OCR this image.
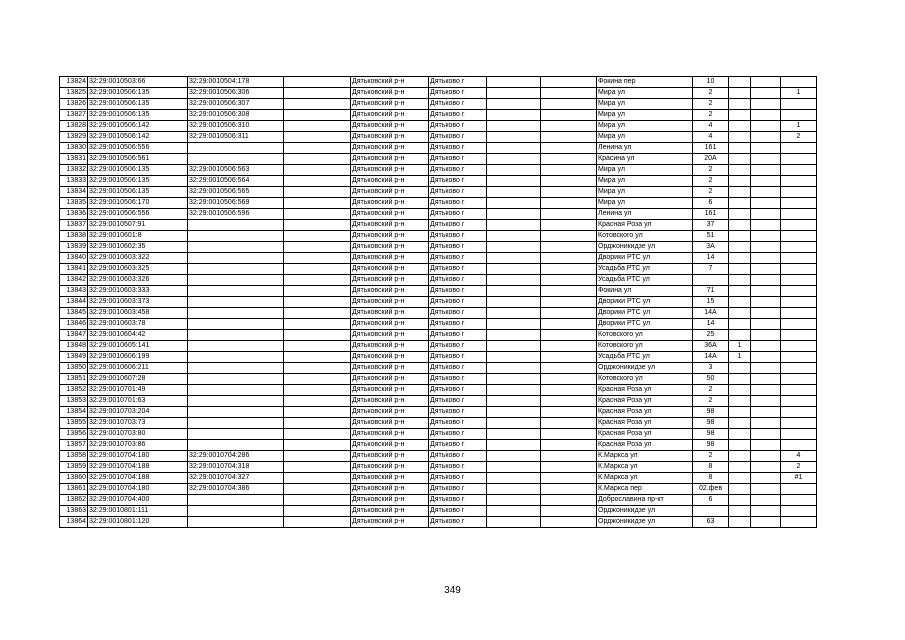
13824	32:29:0010503:66	32:29:0010504:178		Дятьковский р-н	Дятьково г			Фокина пер	10			
13825	32:29:0010506:135	32:29:0010506:306		Дятьковский р-н	Дятьково г			Мира ул	2			1
13826	32:29:0010506:135	32:29:0010506:307		Дятьковский р-н	Дятьково г			Мира ул	2			
13827	32:29:0010506:135	32:29:0010506:308		Дятьковский р-н	Дятьково г			Мира ул	2			
13828	32:29:0010506:142	32:29:0010506:310		Дятьковский р-н	Дятьково г			Мира ул	4			1
13829	32:29:0010506:142	32:29:0010506:311		Дятьковский р-н	Дятьково г			Мира ул	4			2
13830	32:29:0010506:556			Дятьковский р-н	Дятьково г			Ленина ул	161			
13831	32:29:0010506:561			Дятьковский р-н	Дятьково г			Красина ул	20А			
13832	32:29:0010506:135	32:29:0010506:563		Дятьковский р-н	Дятьково г			Мира ул	2			
13833	32:29:0010506:135	32:29:0010506:564		Дятьковский р-н	Дятьково г			Мира ул	2			
13834	32:29:0010506:135	32:29:0010506:565		Дятьковский р-н	Дятьково г			Мира ул	2			
13835	32:29:0010506:170	32:29:0010506:569		Дятьковский р-н	Дятьково г			Мира ул	6			
13836	32:29:0010506:556	32:29:0010506:596		Дятьковский р-н	Дятьково г			Ленина ул	161			
13837	32:29:0010507:91			Дятьковский р-н	Дятьково г			Красная Роза ул	37			
13838	32:29:0010601:8			Дятьковский р-н	Дятьково г			Котовского ул	51			
13839	32:29:0010602:35			Дятьковский р-н	Дятьково г			Орджоникидзе ул	3А			
13840	32:29:0010603:322			Дятьковский р-н	Дятьково г			Дворики РТС ул	14			
13841	32:29:0010603:325			Дятьковский р-н	Дятьково г			Усадьба РТС ул	7			
13842	32:29:0010603:326			Дятьковский р-н	Дятьково г			Усадьба РТС ул				
13843	32:29:0010603:333			Дятьковский р-н	Дятьково г			Фокина ул	71			
13844	32:29:0010603:373			Дятьковский р-н	Дятьково г			Дворики РТС ул	15			
13845	32:29:0010603:458			Дятьковский р-н	Дятьково г			Дворики РТС ул	14А			
13846	32:29:0010603:78			Дятьковский р-н	Дятьково г			Дворики РТС ул	14			
13847	32:29:0010604:42			Дятьковский р-н	Дятьково г			Котовского ул	25			
13848	32:29:0010605:141			Дятьковский р-н	Дятьково г			Котовского ул	36А	1		
13849	32:29:0010606:199			Дятьковский р-н	Дятьково г			Усадьба РТС ул	14А	1		
13850	32:29:0010606:211			Дятьковский р-н	Дятьково г			Орджоникидзе ул	3			
13851	32:29:0010607:28			Дятьковский р-н	Дятьково г			Котовского ул	50			
13852	32:29:0010701:49			Дятьковский р-н	Дятьково г			Красная Роза ул	2			
13853	32:29:0010701:63			Дятьковский р-н	Дятьково г			Красная Роза ул	2			
13854	32:29:0010703:204			Дятьковский р-н	Дятьково г			Красная Роза ул	98			
13855	32:29:0010703:73			Дятьковский р-н	Дятьково г			Красная Роза ул	98			
13856	32:29:0010703:80			Дятьковский р-н	Дятьково г			Красная Роза ул	98			
13857	32:29:0010703:86			Дятьковский р-н	Дятьково г			Красная Роза ул	98			
13858	32:29:0010704:180	32:29:0010704:286		Дятьковский р-н	Дятьково г			К.Маркса ул	2			4
13859	32:29:0010704:188	32:29:0010704:318		Дятьковский р-н	Дятьково г			К.Маркса ул	8			2
13860	32:29:0010704:188	32:29:0010704:327		Дятьковский р-н	Дятьково г			К.Маркса ул	8			#1
13861	32:29:0010704:180	32:29:0010704:386		Дятьковский р-н	Дятьково г			К.Маркса пер	02.фев			
13862	32:29:0010704:400			Дятьковский р-н	Дятьково г			Доброславина пр-кт	6			
13863	32:29:0010801:111			Дятьковский р-н	Дятьково г			Орджоникидзе ул				
13864	32:29:0010801:120			Дятьковский р-н	Дятьково г			Орджоникидзе ул	63			
349
